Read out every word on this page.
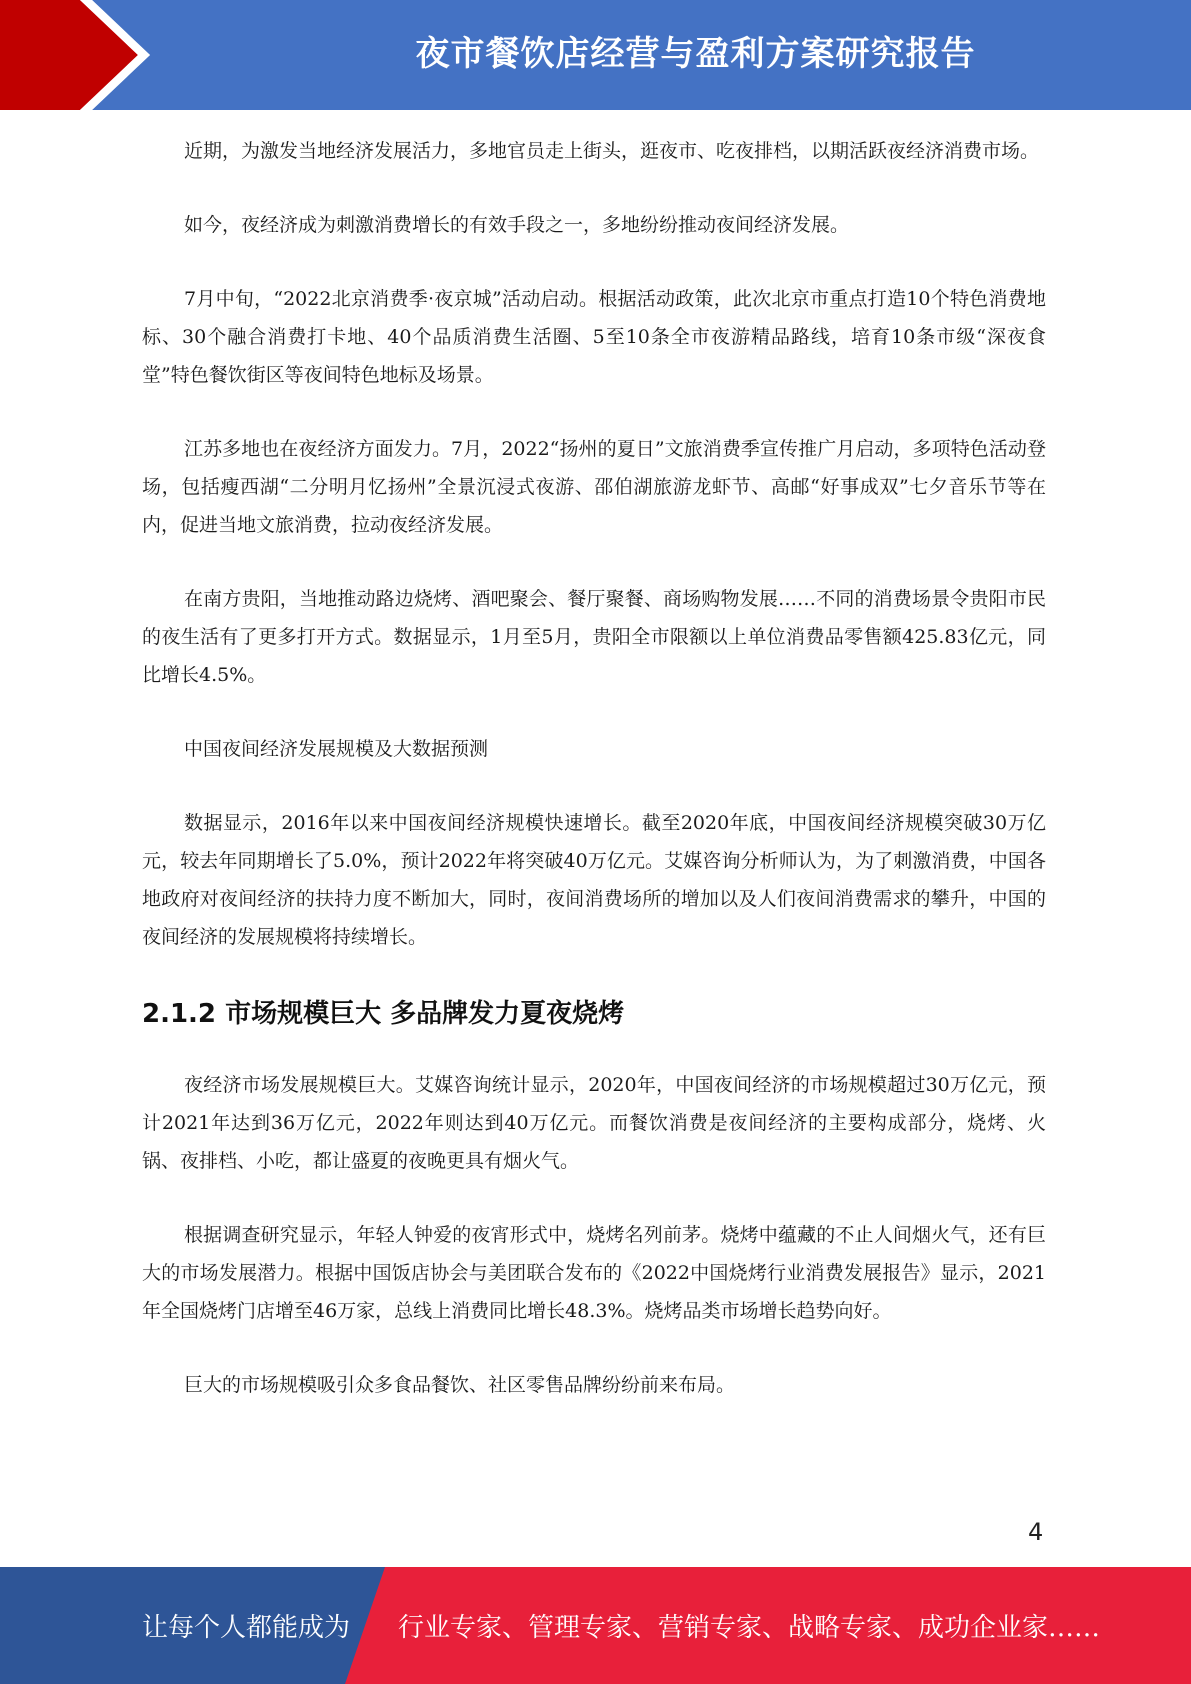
夜市餐饮店经营与盈利方案研究报告

近期，为激发当地经济发展活力，多地官员走上街头，逛夜市、吃夜排档，以期活跃夜经济消费市场。

如今，夜经济成为刺激消费增长的有效手段之一，多地纷纷推动夜间经济发展。

7月中旬，“2022北京消费季·夜京城”活动启动。根据活动政策，此次北京市重点打造10个特色消费地标、30个融合消费打卡地、40个品质消费生活圈、5至10条全市夜游精品路线，培育10条市级“深夜食堂”特色餐饮街区等夜间特色地标及场景。

江苏多地也在夜经济方面发力。7月，2022“扬州的夏日”文旅消费季宣传推广月启动，多项特色活动登场，包括瘦西湖“二分明月忆扬州”全景沉浸式夜游、邵伯湖旅游龙虾节、高邮“好事成双”七夕音乐节等在内，促进当地文旅消费，拉动夜经济发展。

在南方贵阳，当地推动路边烧烤、酒吧聚会、餐厅聚餐、商场购物发展……不同的消费场景令贵阳市民的夜生活有了更多打开方式。数据显示，1月至5月，贵阳全市限额以上单位消费品零售额425.83亿元，同比增长4.5%。

中国夜间经济发展规模及大数据预测

数据显示，2016年以来中国夜间经济规模快速增长。截至2020年底，中国夜间经济规模突破30万亿元，较去年同期增长了5.0%，预计2022年将突破40万亿元。艾媒咨询分析师认为，为了刺激消费，中国各地政府对夜间经济的扶持力度不断加大，同时，夜间消费场所的增加以及人们夜间消费需求的攀升，中国的夜间经济的发展规模将持续增长。

2.1.2 市场规模巨大 多品牌发力夏夜烧烤

夜经济市场发展规模巨大。艾媒咨询统计显示，2020年，中国夜间经济的市场规模超过30万亿元，预计2021年达到36万亿元，2022年则达到40万亿元。而餐饮消费是夜间经济的主要构成部分，烧烤、火锅、夜排档、小吃，都让盛夏的夜晚更具有烟火气。

根据调查研究显示，年轻人钟爱的夜宵形式中，烧烤名列前茅。烧烤中蕴藏的不止人间烟火气，还有巨大的市场发展潜力。根据中国饭店协会与美团联合发布的《2022中国烧烤行业消费发展报告》显示，2021年全国烧烤门店增至46万家，总线上消费同比增长48.3%。烧烤品类市场增长趋势向好。

巨大的市场规模吸引众多食品餐饮、社区零售品牌纷纷前来布局。

4
让每个人都能成为 行业专家、管理专家、营销专家、战略专家、成功企业家……
